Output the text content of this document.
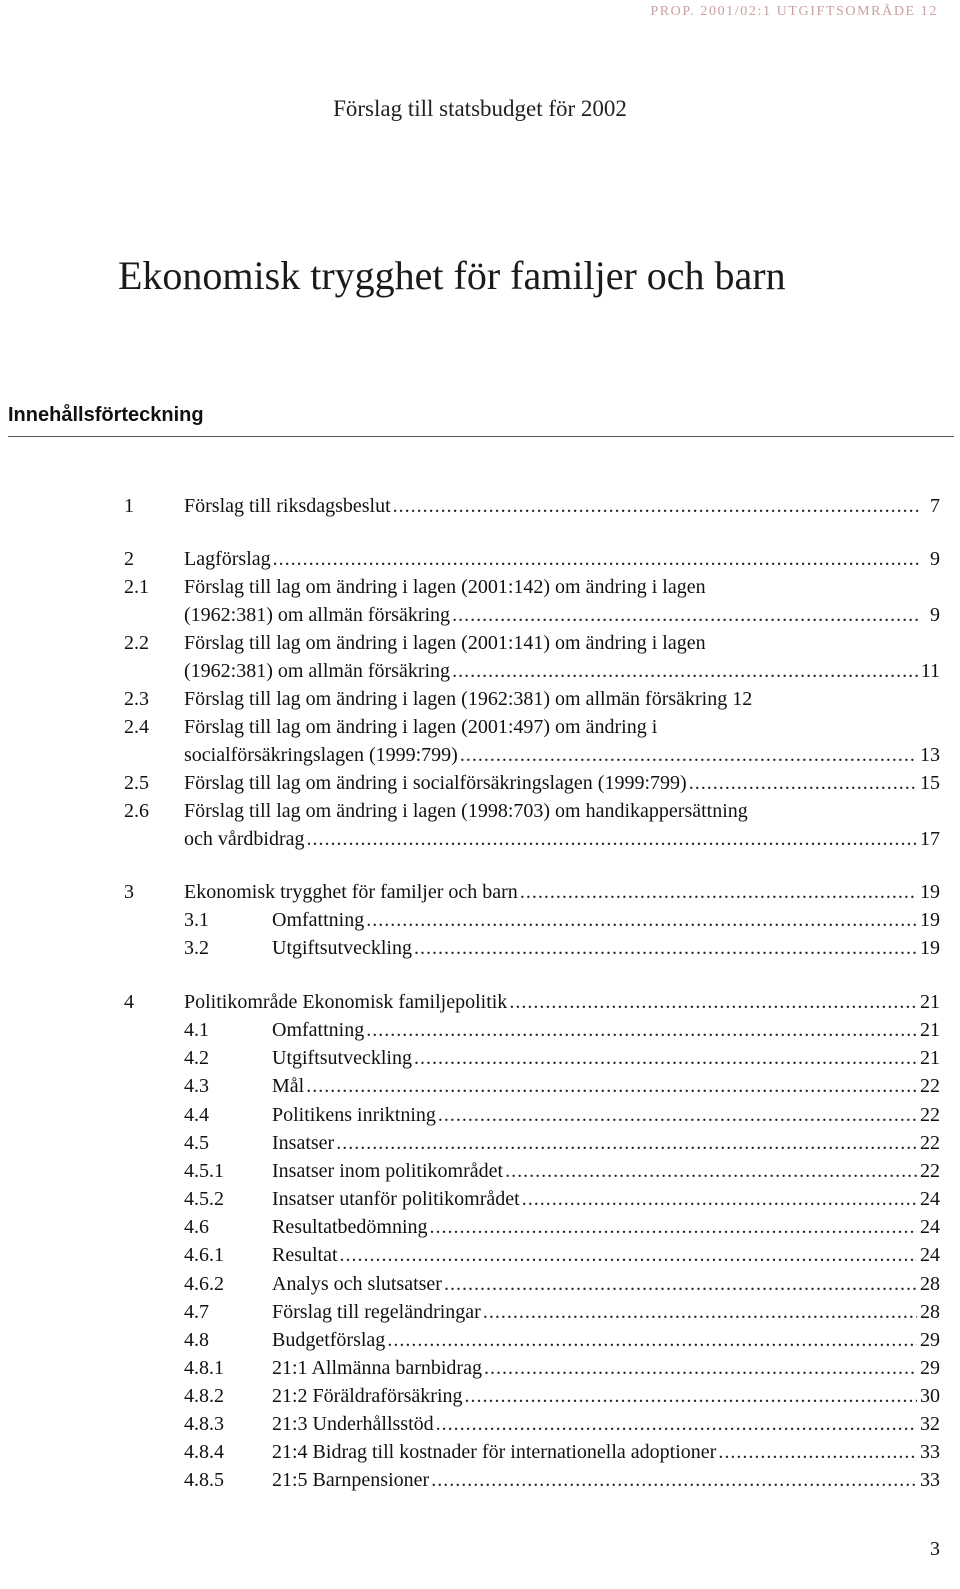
PROP. 2001/02:1 UTGIFTSOMRÅDE 12
Förslag till statsbudget för 2002
Ekonomisk trygghet för familjer och barn
Innehållsförteckning
1	Förslag till riksdagsbeslut .....	7
2	Lagförslag .....	9
2.1 Förslag till lag om ändring i lagen (2001:142) om ändring i lagen
(1962:381) om allmän försäkring .....	9
2.2 Förslag till lag om ändring i lagen (2001:141) om ändring i lagen
(1962:381) om allmän försäkring .....	11
2.3 Förslag till lag om ändring i lagen (1962:381) om allmän försäkring 12
2.4 Förslag till lag om ändring i lagen (2001:497) om ändring i
socialförsäkringslagen (1999:799) .....	13
2.5 Förslag till lag om ändring i socialförsäkringslagen (1999:799) .....	15
2.6 Förslag till lag om ändring i lagen (1998:703) om handikappersättning
och vårdbidrag .....	17
3	Ekonomisk trygghet för familjer och barn .....	19
3.1	Omfattning .....	19
3.2	Utgiftsutveckling .....	19
4	Politikområde Ekonomisk familjepolitik .....	21
4.1	Omfattning .....	21
4.2	Utgiftsutveckling .....	21
4.3	Mål .....	22
4.4	Politikens inriktning .....	22
4.5	Insatser .....	22
4.5.1 Insatser inom politikområdet .....	22
4.5.2 Insatser utanför politikområdet .....	24
4.6	Resultatbedömning .....	24
4.6.1 Resultat .....	24
4.6.2 Analys och slutsatser .....	28
4.7	Förslag till regeländringar .....	28
4.8	Budgetförslag .....	29
4.8.1 21:1 Allmänna barnbidrag .....	29
4.8.2 21:2 Föräldraförsäkring .....	30
4.8.3 21:3 Underhållsstöd .....	32
4.8.4 21:4 Bidrag till kostnader för internationella adoptioner .....	33
4.8.5 21:5 Barnpensioner .....	33
3
